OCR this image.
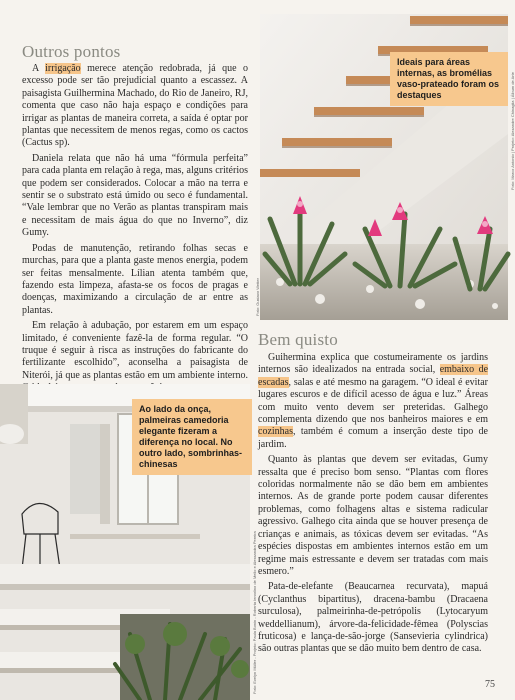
Outros pontos

A irrigação merece atenção redobrada, já que o excesso pode ser tão prejudicial quanto a escassez. A paisagista Guilhermina Machado, do Rio de Janeiro, RJ, comenta que caso não haja espaço e condições para irrigar as plantas de maneira correta, a saída é optar por plantas que necessitem de menos regas, como os cactos (Cactus sp).

Daniela relata que não há uma “fórmula perfeita” para cada planta em relação à rega, mas, alguns critérios que podem ser considerados. Colocar a mão na terra e sentir se o substrato está úmido ou seco é fundamental. “Vale lembrar que no Verão as plantas transpiram mais e necessitam de mais água do que no Inverno”, diz Gumy.

Podas de manutenção, retirando folhas secas e murchas, para que a planta gaste menos energia, podem ser feitas mensalmente. Lílian atenta também que, fazendo esta limpeza, afasta-se os focos de pragas e doenças, maximizando a circulação de ar entre as plantas.

Em relação à adubação, por estarem em um espaço limitado, é conveniente fazê-la de forma regular. “O truque é seguir à risca as instruções do fabricante do fertilizante escolhido”, aconselha a paisagista de Niterói, já que as plantas estão em um ambiente interno.

Foto: Gustavo Wetter
Foto: Marco Antonio | Projeto: Alexandre Chinaglia | Álbum de Arte
Ideais para áreas internas, as bromélias vaso-prateado foram os destaques
Bem quisto

Guihermina explica que costumeiramente os jardins internos são idealizados na entrada social, embaixo de escadas, salas e até mesmo na garagem. “O ideal é evitar lugares escuros e de difícil acesso de água e luz.” Áreas com muito vento devem ser preteridas. Galhego complementa dizendo que nos banheiros maiores e em cozinhas, também é comum a inserção deste tipo de jardim.

Quanto às plantas que devem ser evitadas, Gumy ressalta que é preciso bom senso. “Plantas com flores coloridas normalmente não se dão bem em ambientes internos. As de grande porte podem causar diferentes problemas, como folhagens altas e sistema radicular agressivo. Galhego cita ainda que se houver presença de crianças e animais, as tóxicas devem ser evitadas. “As espécies dispostas em ambientes internos estão em um regime mais estressante e devem ser tratadas com mais esmero.”

Pata-de-elefante (Beaucarnea recurvata), mapuá (Cyclanthus bipartitus), dracena-bambu (Dracaena surculosa), palmeirinha-de-petrópolis (Lytocaryum weddellianum), árvore-da-felicidade-fêmea (Polyscias fruticosa) e lança-de-são-jorge (Sansevieria cylindrica) são outras plantas que se dão muito bem dentro de casa.

Foto: Evelyn Müller - Projeto: Paula Bonin - Roberta Iervolino de Mello e Alessandra Pereira
Ao lado da onça, palmeiras camedoria elegante fizeram a diferença no local. No outro lado, sombrinhas-chinesas
75
